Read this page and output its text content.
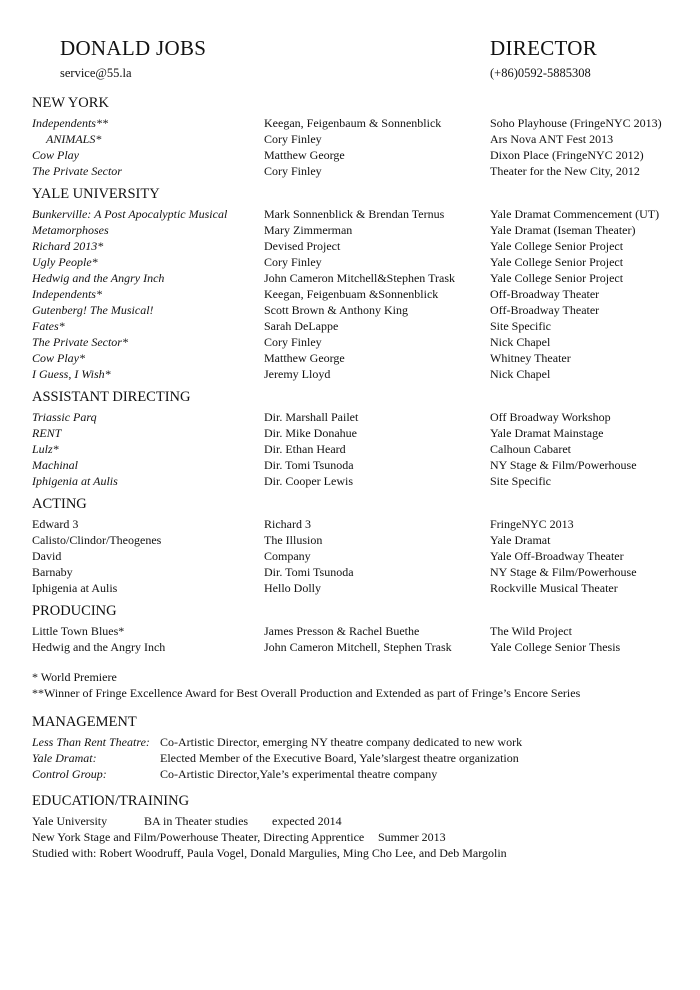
DONALD JOBS	DIRECTOR
service@55.la	(+86)0592-5885308
NEW YORK
Independents**	Keegan, Feigenbaum & Sonnenblick	Soho Playhouse (FringeNYC 2013)
ANIMALS*	Cory Finley	Ars Nova ANT Fest 2013
Cow Play	Matthew George	Dixon Place (FringeNYC 2012)
The Private Sector	Cory Finley	Theater for the New City, 2012
YALE UNIVERSITY
Bunkerville: A Post Apocalyptic Musical	Mark Sonnenblick & Brendan Ternus	Yale Dramat Commencement (UT)
Metamorphoses	Mary Zimmerman	Yale Dramat (Iseman Theater)
Richard 2013*	Devised Project	Yale College Senior Project
Ugly People*	Cory Finley	Yale College Senior Project
Hedwig and the Angry Inch	John Cameron Mitchell&Stephen Trask	Yale College Senior Project
Independents*	Keegan, Feigenbuam &Sonnenblick	Off-Broadway Theater
Gutenberg! The Musical!	Scott Brown & Anthony King	Off-Broadway Theater
Fates*	Sarah DeLappe	Site Specific
The Private Sector*	Cory Finley	Nick Chapel
Cow Play*	Matthew George	Whitney Theater
I Guess, I Wish*	Jeremy Lloyd	Nick Chapel
ASSISTANT DIRECTING
Triassic Parq	Dir. Marshall Pailet	Off Broadway Workshop
RENT	Dir. Mike Donahue	Yale Dramat Mainstage
Lulz*	Dir. Ethan Heard	Calhoun Cabaret
Machinal	Dir. Tomi Tsunoda	NY Stage & Film/Powerhouse
Iphigenia at Aulis	Dir. Cooper Lewis	Site Specific
ACTING
Edward 3	Richard 3	FringeNYC 2013
Calisto/Clindor/Theogenes	The Illusion	Yale Dramat
David	Company	Yale Off-Broadway Theater
Barnaby	Dir. Tomi Tsunoda	NY Stage & Film/Powerhouse
Iphigenia at Aulis	Hello Dolly	Rockville Musical Theater
PRODUCING
Little Town Blues*	James Presson & Rachel Buethe	The Wild Project
Hedwig and the Angry Inch	John Cameron Mitchell, Stephen Trask	Yale College Senior Thesis
* World Premiere
**Winner of Fringe Excellence Award for Best Overall Production and Extended as part of Fringe’s Encore Series
MANAGEMENT
Less Than Rent Theatre: Co-Artistic Director, emerging NY theatre company dedicated to new work
Yale Dramat:	Elected Member of the Executive Board, Yale’slargest theatre organization
Control Group:	Co-Artistic Director,Yale’s experimental theatre company
EDUCATION/TRAINING
Yale University	BA in Theater studies expected 2014
New York Stage and Film/Powerhouse Theater, Directing Apprentice Summer 2013
Studied with: Robert Woodruff, Paula Vogel, Donald Margulies, Ming Cho Lee, and Deb Margolin
